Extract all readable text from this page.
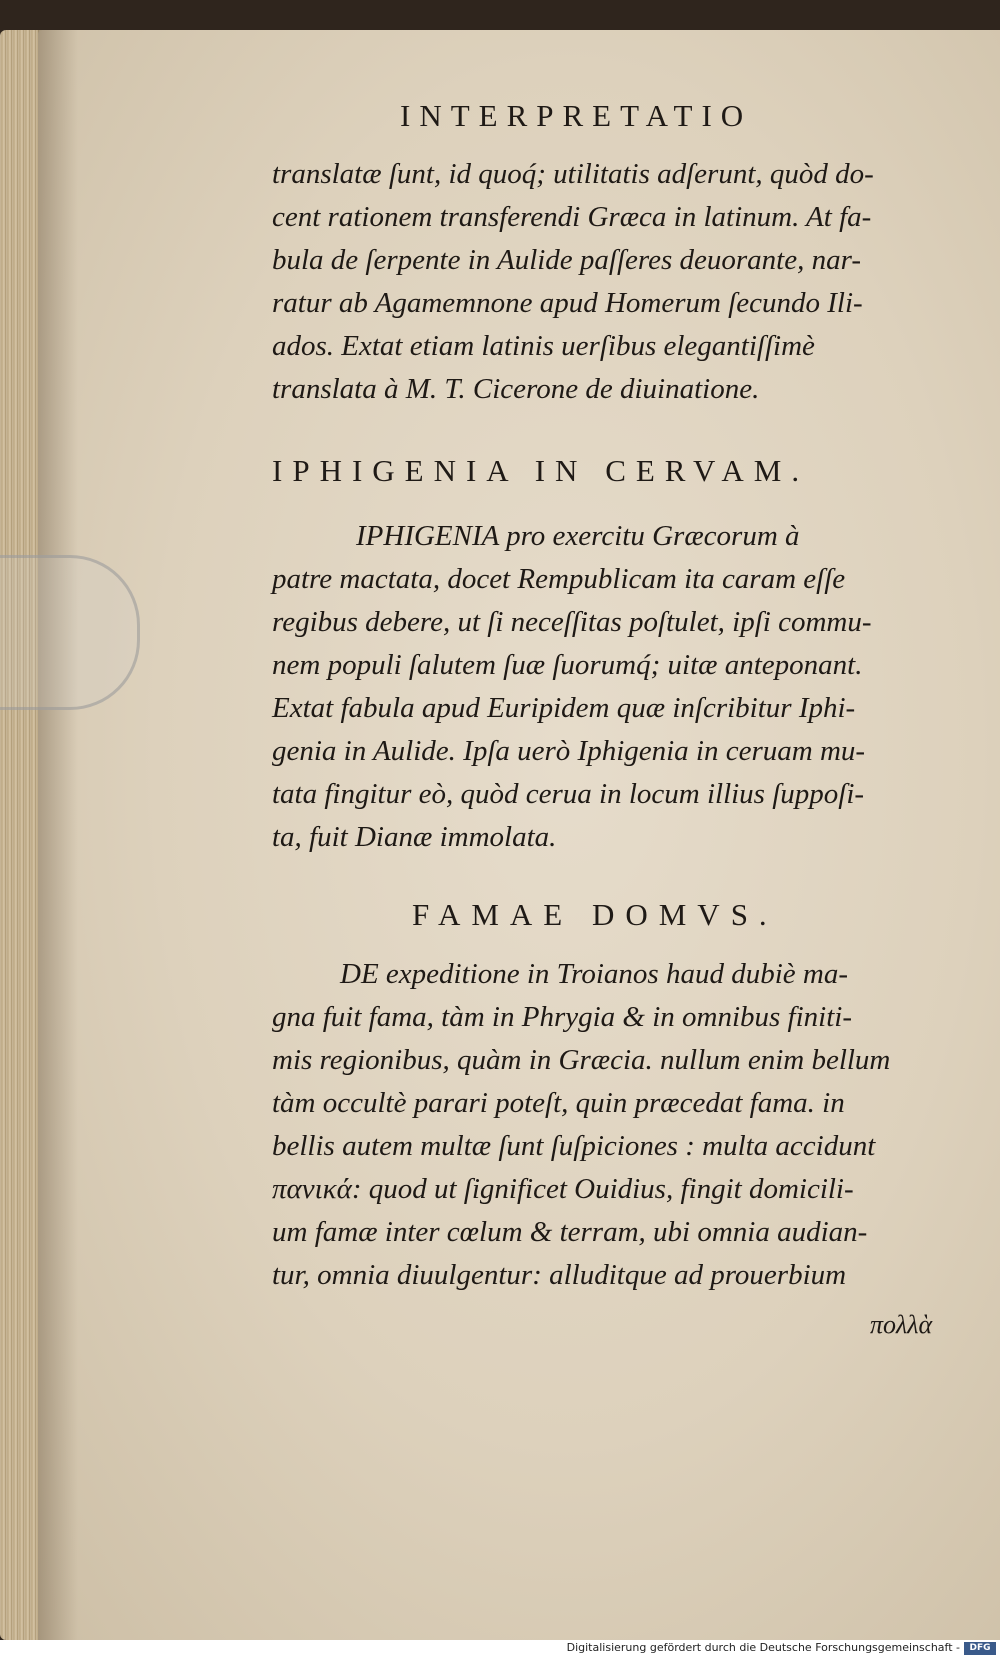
INTERPRETATIO
translatæ ſunt, id quoq́; utilitatis adſerunt, quòd do-
cent rationem transferendi Græca in latinum. At fa-
bula de ſerpente in Aulide paſſeres deuorante, nar-
ratur ab Agamemnone apud Homerum ſecundo Ili-
ados. Extat etiam latinis uerſibus elegantiſſimè
translata à M. T. Cicerone de diuinatione.
IPHIGENIA IN CERVAM.
IPHIGENIA pro exercitu Græcorum à
patre mactata, docet Rempublicam ita caram eſſe
regibus debere, ut ſi neceſſitas poſtulet, ipſi commu-
nem populi ſalutem ſuæ ſuorumq́; uitæ anteponant.
Extat fabula apud Euripidem quæ inſcribitur Iphi-
genia in Aulide. Ipſa uerò Iphigenia in ceruam mu-
tata fingitur eò, quòd cerua in locum illius ſuppoſi-
ta, fuit Dianæ immolata.
FAMAE DOMVS.
DE expeditione in Troianos haud dubiè ma-
gna fuit fama, tàm in Phrygia & in omnibus finiti-
mis regionibus, quàm in Græcia. nullum enim bellum
tàm occultè parari poteſt, quin præcedat fama. in
bellis autem multæ ſunt ſuſpiciones : multa accidunt
πανικά: quod ut ſignificet Ouidius, fingit domicili-
um famæ inter cœlum & terram, ubi omnia audian-
tur, omnia diuulgentur: alluditque ad prouerbium
πολλὰ
Digitalisierung gefördert durch die Deutsche Forschungsgemeinschaft -	DFG
